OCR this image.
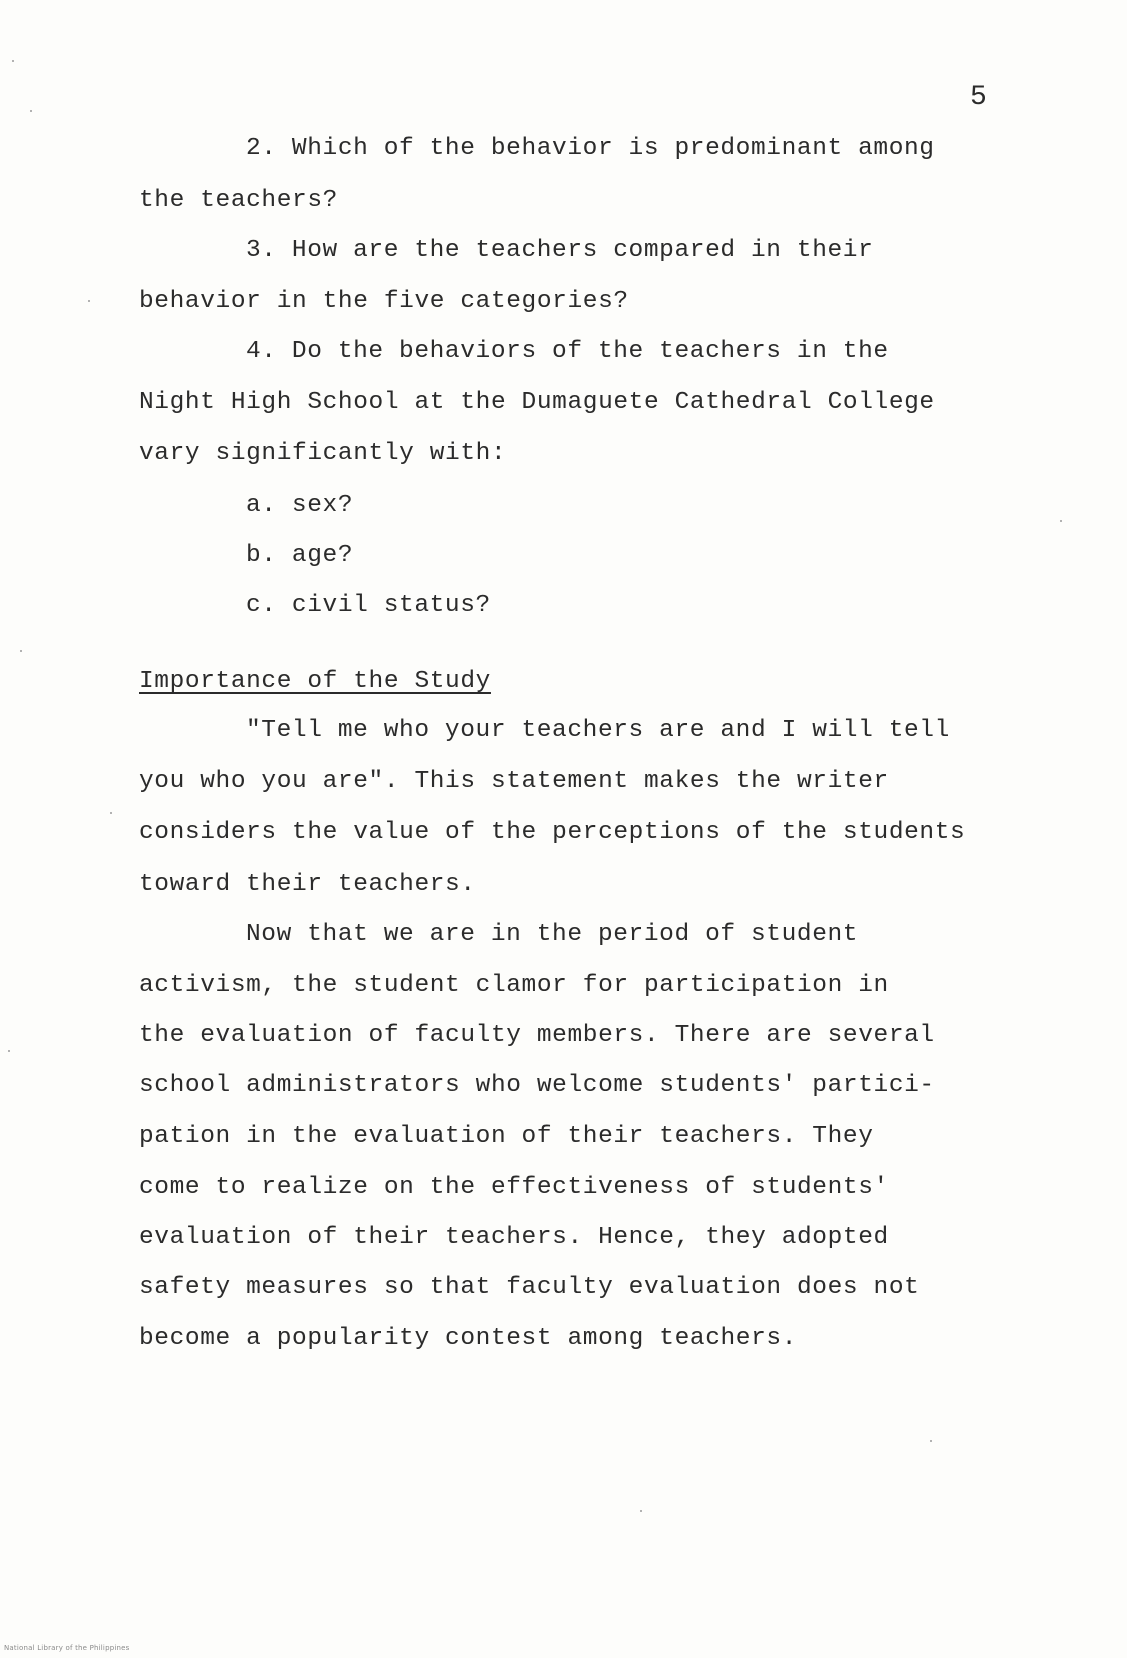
5
2. Which of the behavior is predominant among
the teachers?
3. How are the teachers compared in their
behavior in the five categories?
4. Do the behaviors of the teachers in the
Night High School at the Dumaguete Cathedral College
vary significantly with:
a. sex?
b. age?
c. civil status?
Importance of the Study
"Tell me who your teachers are and I will tell
you who you are". This statement makes the writer
considers the value of the perceptions of the students
toward their teachers.
Now that we are in the period of student
activism, the student clamor for participation in
the evaluation of faculty members. There are several
school administrators who welcome students' partici-
pation in the evaluation of their teachers. They
come to realize on the effectiveness of students'
evaluation of their teachers. Hence, they adopted
safety measures so that faculty evaluation does not
become a popularity contest among teachers.
National Library of the Philippines
